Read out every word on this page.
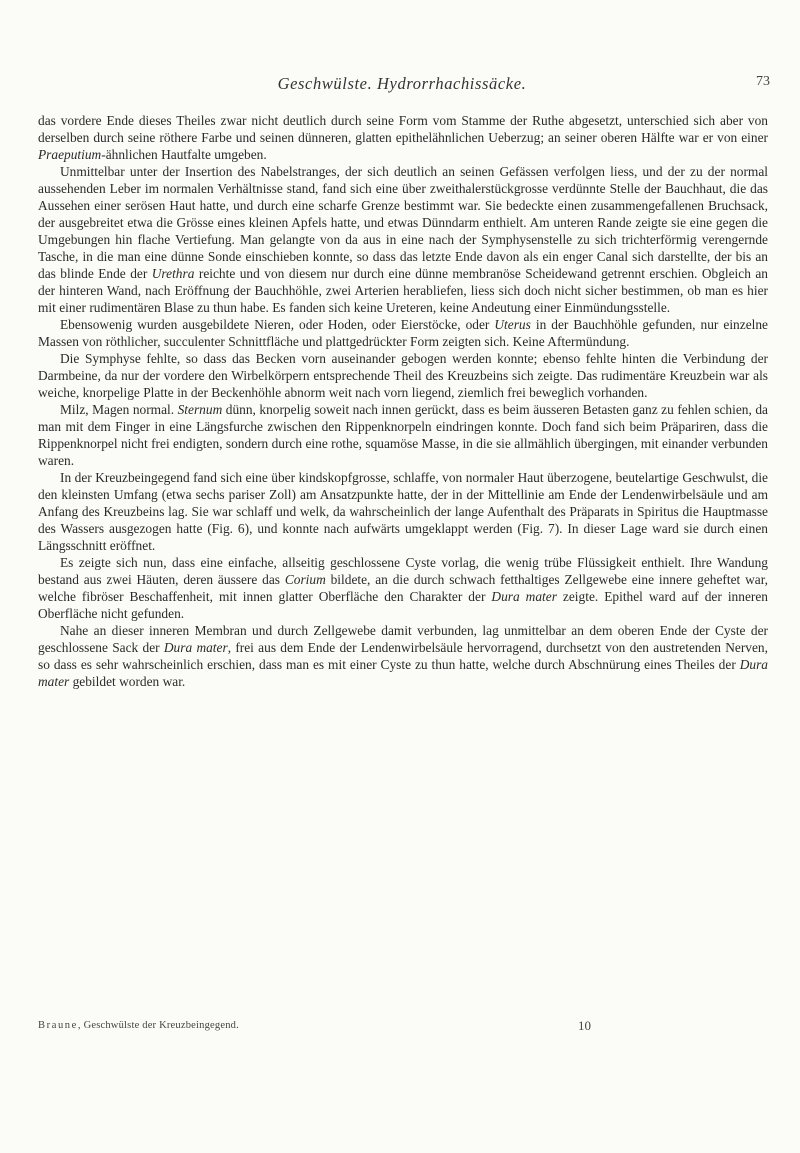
Geschwülste. Hydrorrhachissäcke.	73

das vordere Ende dieses Theiles zwar nicht deutlich durch seine Form vom Stamme der Ruthe abgesetzt, unterschied sich aber von derselben durch seine röthere Farbe und seinen dünneren, glatten epithelähnlichen Ueberzug; an seiner oberen Hälfte war er von einer Praeputium-ähnlichen Hautfalte umgeben.

Unmittelbar unter der Insertion des Nabelstranges, der sich deutlich an seinen Gefässen verfolgen liess, und der zu der normal aussehenden Leber im normalen Verhältnisse stand, fand sich eine über zweithalerstückgrosse verdünnte Stelle der Bauchhaut, die das Aussehen einer serösen Haut hatte, und durch eine scharfe Grenze bestimmt war. Sie bedeckte einen zusammengefallenen Bruchsack, der ausgebreitet etwa die Grösse eines kleinen Apfels hatte, und etwas Dünndarm enthielt. Am unteren Rande zeigte sie eine gegen die Umgebungen hin flache Vertiefung. Man gelangte von da aus in eine nach der Symphysenstelle zu sich trichterförmig verengernde Tasche, in die man eine dünne Sonde einschieben konnte, so dass das letzte Ende davon als ein enger Canal sich darstellte, der bis an das blinde Ende der Urethra reichte und von diesem nur durch eine dünne membranöse Scheidewand getrennt erschien. Obgleich an der hinteren Wand, nach Eröffnung der Bauchhöhle, zwei Arterien herabliefen, liess sich doch nicht sicher bestimmen, ob man es hier mit einer rudimentären Blase zu thun habe. Es fanden sich keine Ureteren, keine Andeutung einer Einmündungsstelle.

Ebensowenig wurden ausgebildete Nieren, oder Hoden, oder Eierstöcke, oder Uterus in der Bauchhöhle gefunden, nur einzelne Massen von röthlicher, succulenter Schnittfläche und plattgedrückter Form zeigten sich. Keine Aftermündung.

Die Symphyse fehlte, so dass das Becken vorn auseinander gebogen werden konnte; ebenso fehlte hinten die Verbindung der Darmbeine, da nur der vordere den Wirbelkörpern entsprechende Theil des Kreuzbeins sich zeigte. Das rudimentäre Kreuzbein war als weiche, knorpelige Platte in der Beckenhöhle abnorm weit nach vorn liegend, ziemlich frei beweglich vorhanden.

Milz, Magen normal. Sternum dünn, knorpelig soweit nach innen gerückt, dass es beim äusseren Betasten ganz zu fehlen schien, da man mit dem Finger in eine Längsfurche zwischen den Rippenknorpeln eindringen konnte. Doch fand sich beim Präpariren, dass die Rippenknorpel nicht frei endigten, sondern durch eine rothe, squamöse Masse, in die sie allmählich übergingen, mit einander verbunden waren.

In der Kreuzbeingegend fand sich eine über kindskopfgrosse, schlaffe, von normaler Haut überzogene, beutelartige Geschwulst, die den kleinsten Umfang (etwa sechs pariser Zoll) am Ansatzpunkte hatte, der in der Mittellinie am Ende der Lendenwirbelsäule und am Anfang des Kreuzbeins lag. Sie war schlaff und welk, da wahrscheinlich der lange Aufenthalt des Präparats in Spiritus die Hauptmasse des Wassers ausgezogen hatte (Fig. 6), und konnte nach aufwärts umgeklappt werden (Fig. 7). In dieser Lage ward sie durch einen Längsschnitt eröffnet.

Es zeigte sich nun, dass eine einfache, allseitig geschlossene Cyste vorlag, die wenig trübe Flüssigkeit enthielt. Ihre Wandung bestand aus zwei Häuten, deren äussere das Corium bildete, an die durch schwach fetthaltiges Zellgewebe eine innere geheftet war, welche fibröser Beschaffenheit, mit innen glatter Oberfläche den Charakter der Dura mater zeigte. Epithel ward auf der inneren Oberfläche nicht gefunden.

Nahe an dieser inneren Membran und durch Zellgewebe damit verbunden, lag unmittelbar an dem oberen Ende der Cyste der geschlossene Sack der Dura mater, frei aus dem Ende der Lendenwirbelsäule hervorragend, durchsetzt von den austretenden Nerven, so dass es sehr wahrscheinlich erschien, dass man es mit einer Cyste zu thun hatte, welche durch Abschnürung eines Theiles der Dura mater gebildet worden war.

Braune, Geschwülste der Kreuzbeingegend.	10
